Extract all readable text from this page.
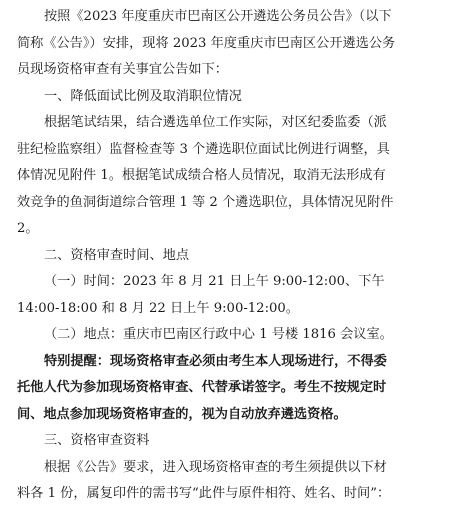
按照《2023 年度重庆市巴南区公开遴选公务员公告》（以下
简称《公告》）安排，现将 2023 年度重庆市巴南区公开遴选公务
员现场资格审查有关事宜公告如下：
一、降低面试比例及取消职位情况
根据笔试结果，结合遴选单位工作实际，对区纪委监委（派
驻纪检监察组）监督检查等 3 个遴选职位面试比例进行调整，具
体情况见附件 1。根据笔试成绩合格人员情况，取消无法形成有
效竞争的鱼洞街道综合管理 1 等 2 个遴选职位，具体情况见附件
2。
二、资格审查时间、地点
（一）时间：2023 年 8 月 21 日上午 9:00-12:00、下午
14:00-18:00 和 8 月 22 日上午 9:00-12:00。
（二）地点：重庆市巴南区行政中心 1 号楼 1816 会议室。
特别提醒：现场资格审查必须由考生本人现场进行，不得委
托他人代为参加现场资格审查、代替承诺签字。考生不按规定时
间、地点参加现场资格审查的，视为自动放弃遴选资格。
三、资格审查资料
根据《公告》要求，进入现场资格审查的考生须提供以下材
料各 1 份，属复印件的需书写“此件与原件相符、姓名、时间”：
